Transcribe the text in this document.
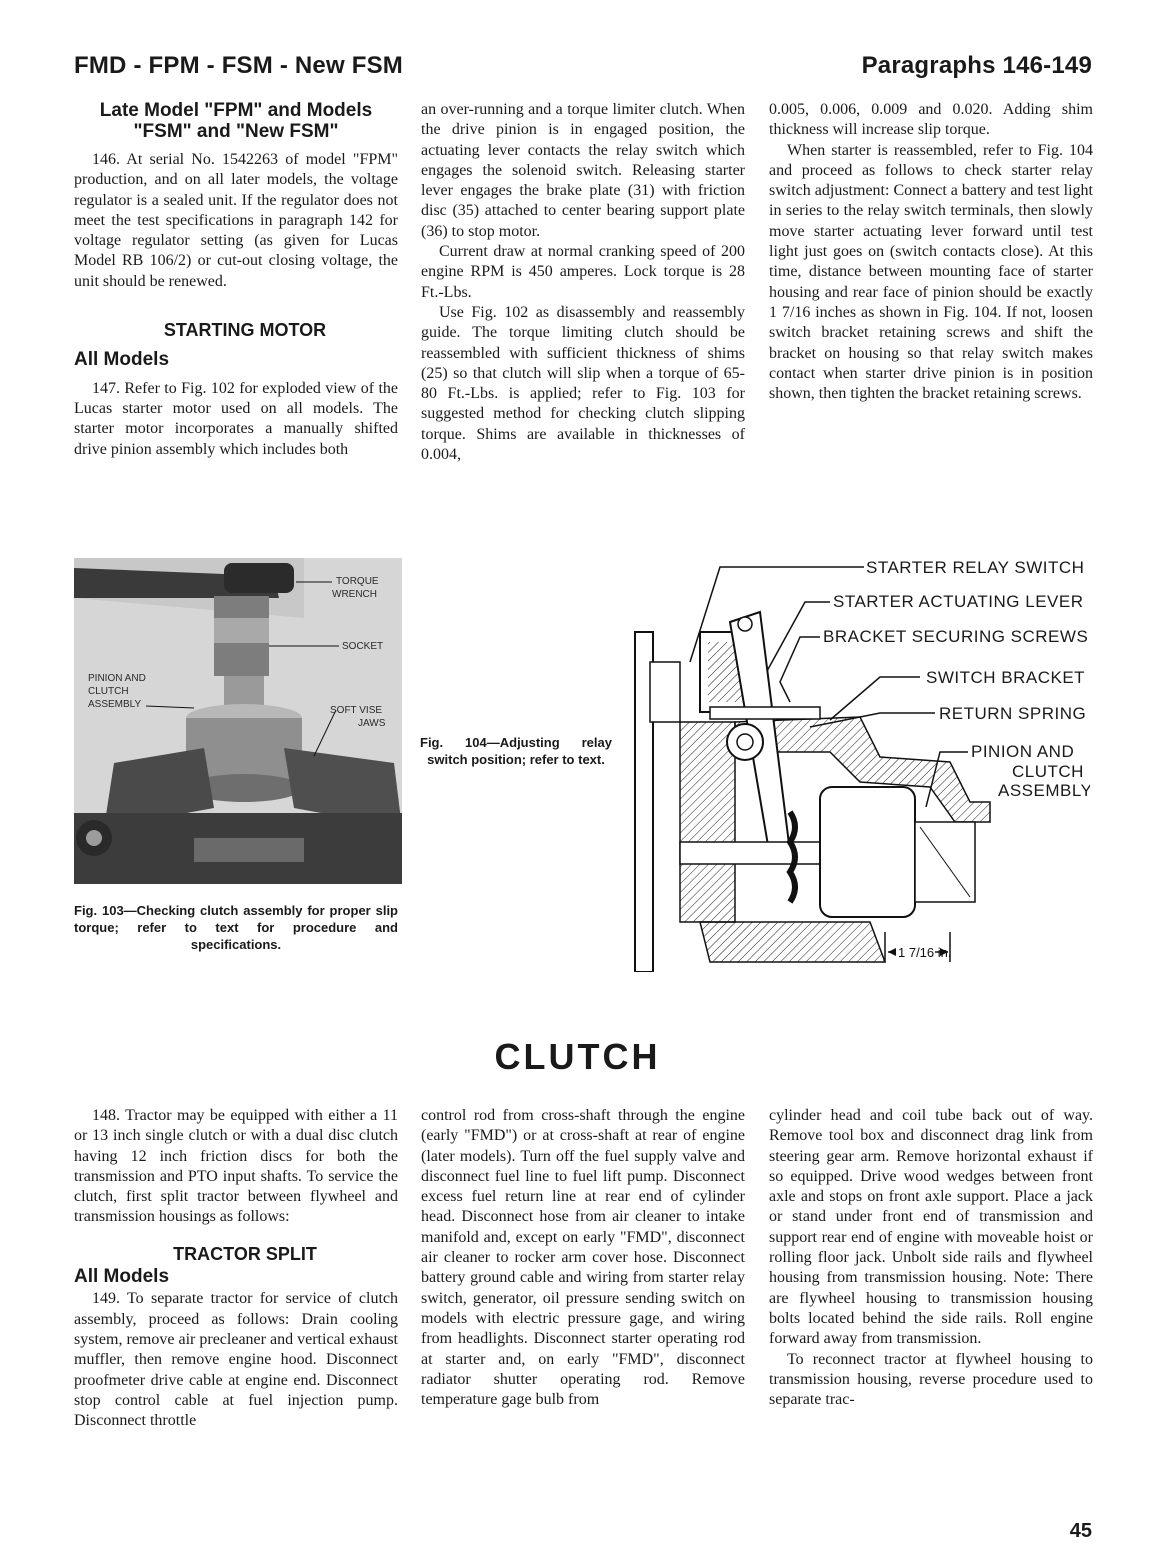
FMD - FPM - FSM - New FSM	Paragraphs 146-149
Late Model "FPM" and Models
"FSM" and "New FSM"

146. At serial No. 1542263 of model "FPM" production, and on all later models, the voltage regulator is a sealed unit. If the regulator does not meet the test specifications in paragraph 142 for voltage regulator setting (as given for Lucas Model RB 106/2) or cut-out closing voltage, the unit should be renewed.

STARTING MOTOR

All Models

147. Refer to Fig. 102 for exploded view of the Lucas starter motor used on all models. The starter motor incorporates a manually shifted drive pinion assembly which includes both

an over-running and a torque limiter clutch. When the drive pinion is in engaged position, the actuating lever contacts the relay switch which engages the solenoid switch. Releasing starter lever engages the brake plate (31) with friction disc (35) attached to center bearing support plate (36) to stop motor.

Current draw at normal cranking speed of 200 engine RPM is 450 amperes. Lock torque is 28 Ft.-Lbs.

Use Fig. 102 as disassembly and reassembly guide. The torque limiting clutch should be reassembled with sufficient thickness of shims (25) so that clutch will slip when a torque of 65-80 Ft.-Lbs. is applied; refer to Fig. 103 for suggested method for checking clutch slipping torque. Shims are available in thicknesses of 0.004,

0.005, 0.006, 0.009 and 0.020. Adding shim thickness will increase slip torque.

When starter is reassembled, refer to Fig. 104 and proceed as follows to check starter relay switch adjustment: Connect a battery and test light in series to the relay switch terminals, then slowly move starter actuating lever forward until test light just goes on (switch contacts close). At this time, distance between mounting face of starter housing and rear face of pinion should be exactly 1 7/16 inches as shown in Fig. 104. If not, loosen switch bracket retaining screws and shift the bracket on housing so that relay switch makes contact when starter drive pinion is in position shown, then tighten the bracket retaining screws.

TORQUE
WRENCH
SOCKET
PINION AND
CLUTCH
ASSEMBLY
SOFT VISE
JAWS
Fig. 103—Checking clutch assembly for proper slip torque; refer to text for procedure and specifications.
Fig. 104—Adjusting relay switch position; refer to text.
STARTER RELAY SWITCH
STARTER ACTUATING LEVER
BRACKET SECURING SCREWS
SWITCH BRACKET
RETURN SPRING
PINION AND
CLUTCH
ASSEMBLY
1 7/16 in.
CLUTCH

148. Tractor may be equipped with either a 11 or 13 inch single clutch or with a dual disc clutch having 12 inch friction discs for both the transmission and PTO input shafts. To service the clutch, first split tractor between flywheel and transmission housings as follows:

TRACTOR SPLIT

All Models

149. To separate tractor for service of clutch assembly, proceed as follows: Drain cooling system, remove air precleaner and vertical exhaust muffler, then remove engine hood. Disconnect proofmeter drive cable at engine end. Disconnect stop control cable at fuel injection pump. Disconnect throttle

control rod from cross-shaft through the engine (early "FMD") or at cross-shaft at rear of engine (later models). Turn off the fuel supply valve and disconnect fuel line to fuel lift pump. Disconnect excess fuel return line at rear end of cylinder head. Disconnect hose from air cleaner to intake manifold and, except on early "FMD", disconnect air cleaner to rocker arm cover hose. Disconnect battery ground cable and wiring from starter relay switch, generator, oil pressure sending switch on models with electric pressure gage, and wiring from headlights. Disconnect starter operating rod at starter and, on early "FMD", disconnect radiator shutter operating rod. Remove temperature gage bulb from

cylinder head and coil tube back out of way. Remove tool box and disconnect drag link from steering gear arm. Remove horizontal exhaust if so equipped. Drive wood wedges between front axle and stops on front axle support. Place a jack or stand under front end of transmission and support rear end of engine with moveable hoist or rolling floor jack. Unbolt side rails and flywheel housing from transmission housing. Note: There are flywheel housing to transmission housing bolts located behind the side rails. Roll engine forward away from transmission.

To reconnect tractor at flywheel housing to transmission housing, reverse procedure used to separate trac-

45
